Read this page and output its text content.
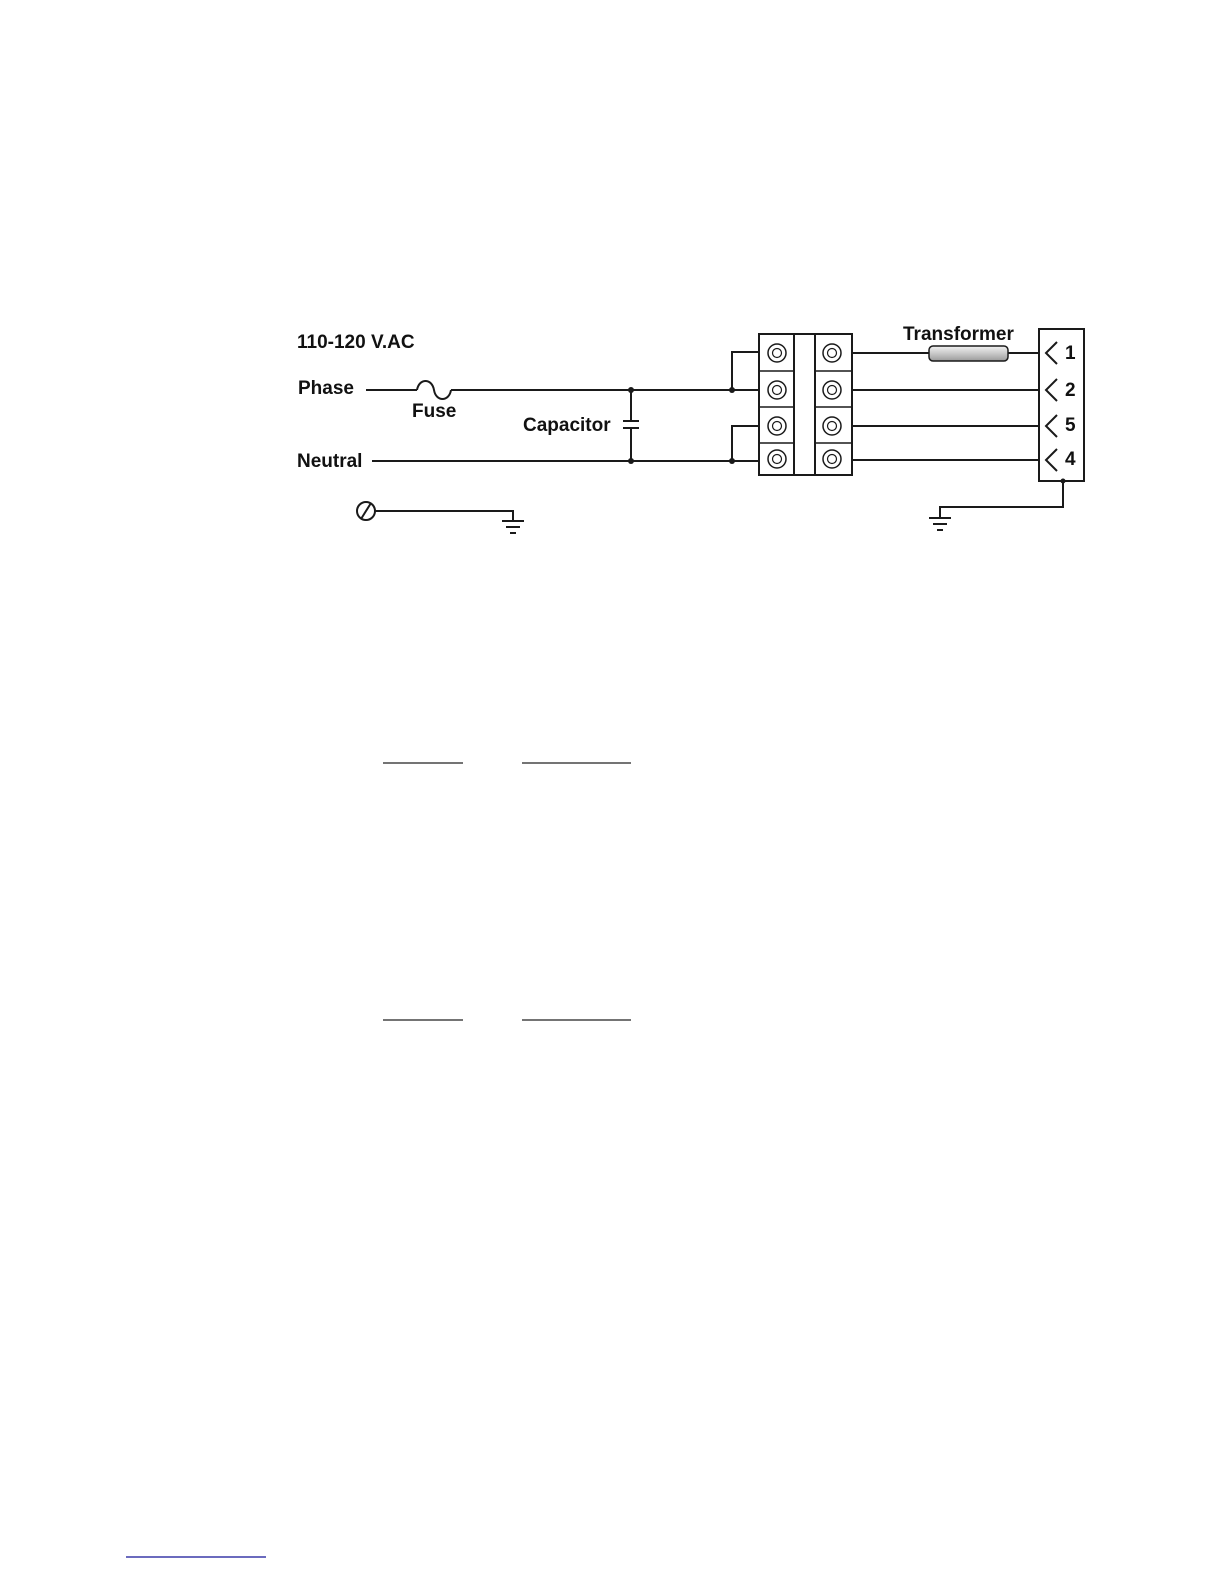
110-120 V.AC
Phase
Fuse
Capacitor
Neutral
Transformer
1
2
5
4
